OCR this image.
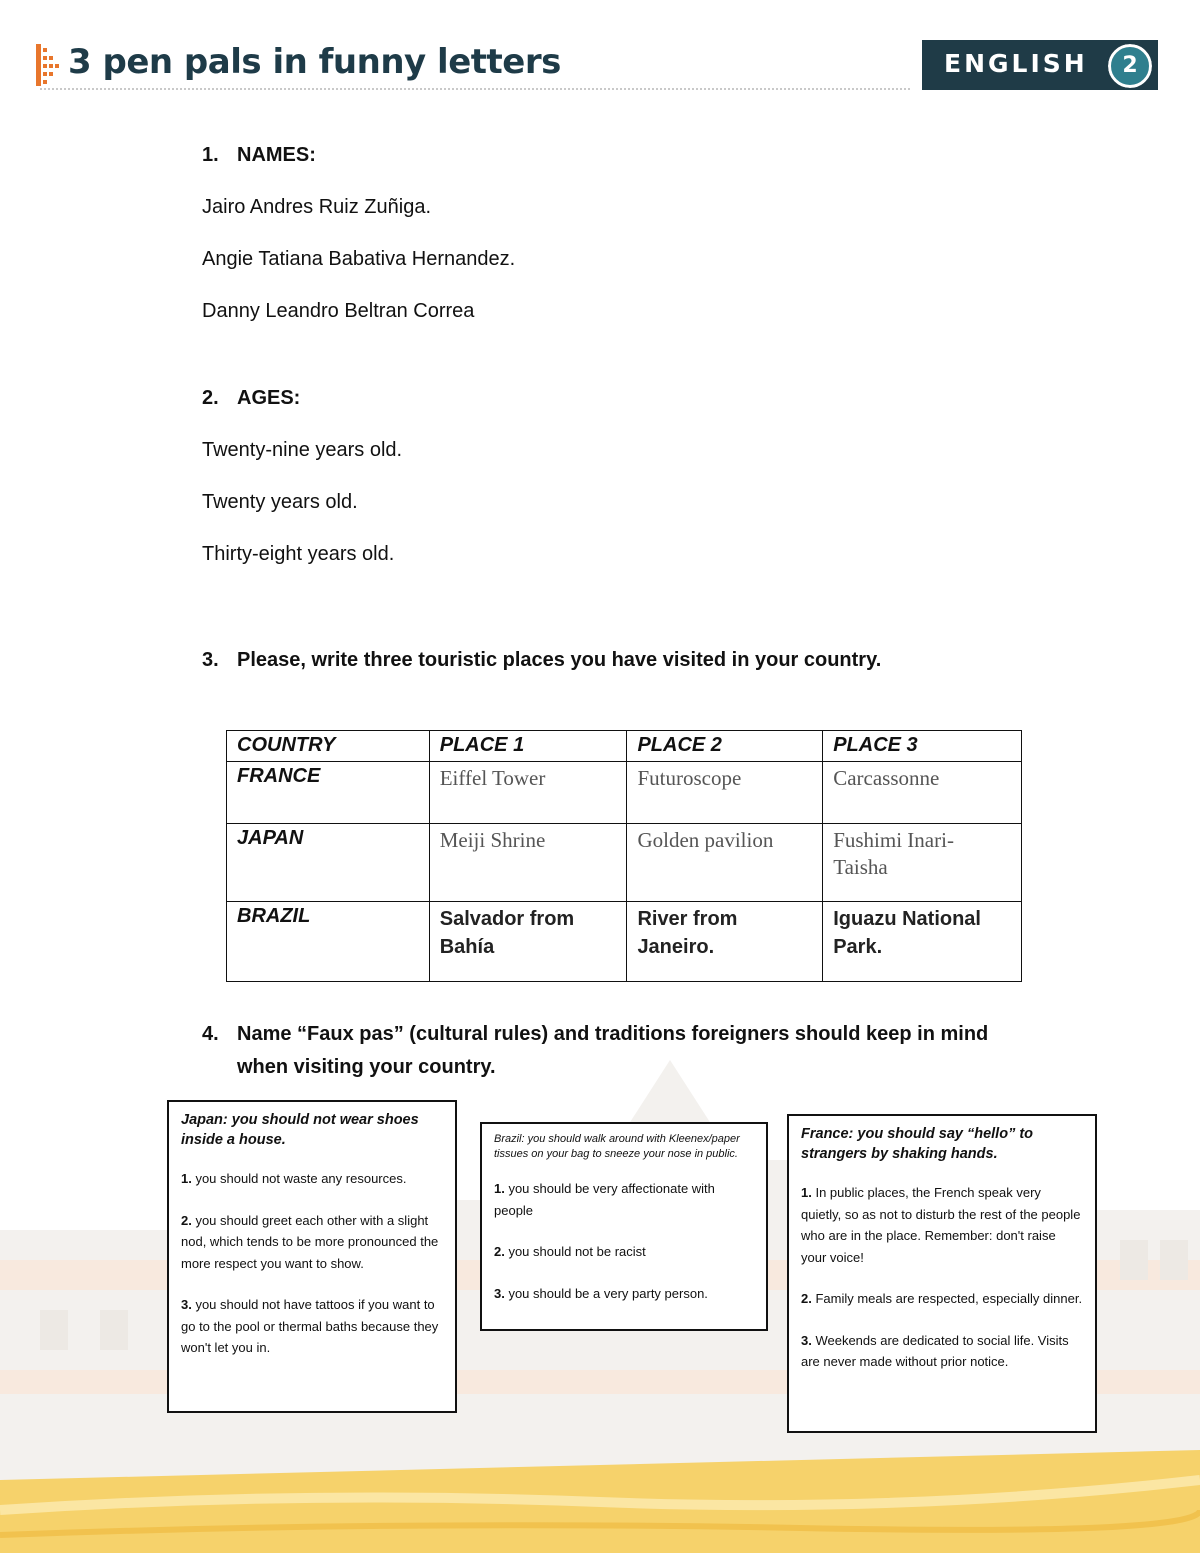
3 pen pals in funny letters	ENGLISH	2
1. NAMES:
Jairo Andres Ruiz Zuñiga.
Angie Tatiana Babativa Hernandez.
Danny Leandro Beltran Correa
2. AGES:
Twenty-nine years old.
Twenty years old.
Thirty-eight years old.
3. Please, write three touristic places you have visited in your country.
COUNTRY	PLACE 1	PLACE 2	PLACE 3
FRANCE	Eiffel Tower	Futuroscope	Carcassonne
JAPAN	Meiji Shrine	Golden pavilion	Fushimi Inari-Taisha
BRAZIL	Salvador from Bahía	River from Janeiro.	Iguazu National Park.
4. Name “Faux pas” (cultural rules) and traditions foreigners should keep in mind
when visiting your country.
Japan: you should not wear shoes inside a house.

1. you should not waste any resources.

2. you should greet each other with a slight nod, which tends to be more pronounced the more respect you want to show.

3. you should not have tattoos if you want to go to the pool or thermal baths because they won't let you in.

Brazil: you should walk around with Kleenex/paper tissues on your bag to sneeze your nose in public.

1. you should be very affectionate with people

2. you should not be racist

3. you should be a very party person.

France: you should say “hello” to strangers by shaking hands.

1. In public places, the French speak very quietly, so as not to disturb the rest of the people who are in the place. Remember: don't raise your voice!

2. Family meals are respected, especially dinner.

3. Weekends are dedicated to social life. Visits are never made without prior notice.
